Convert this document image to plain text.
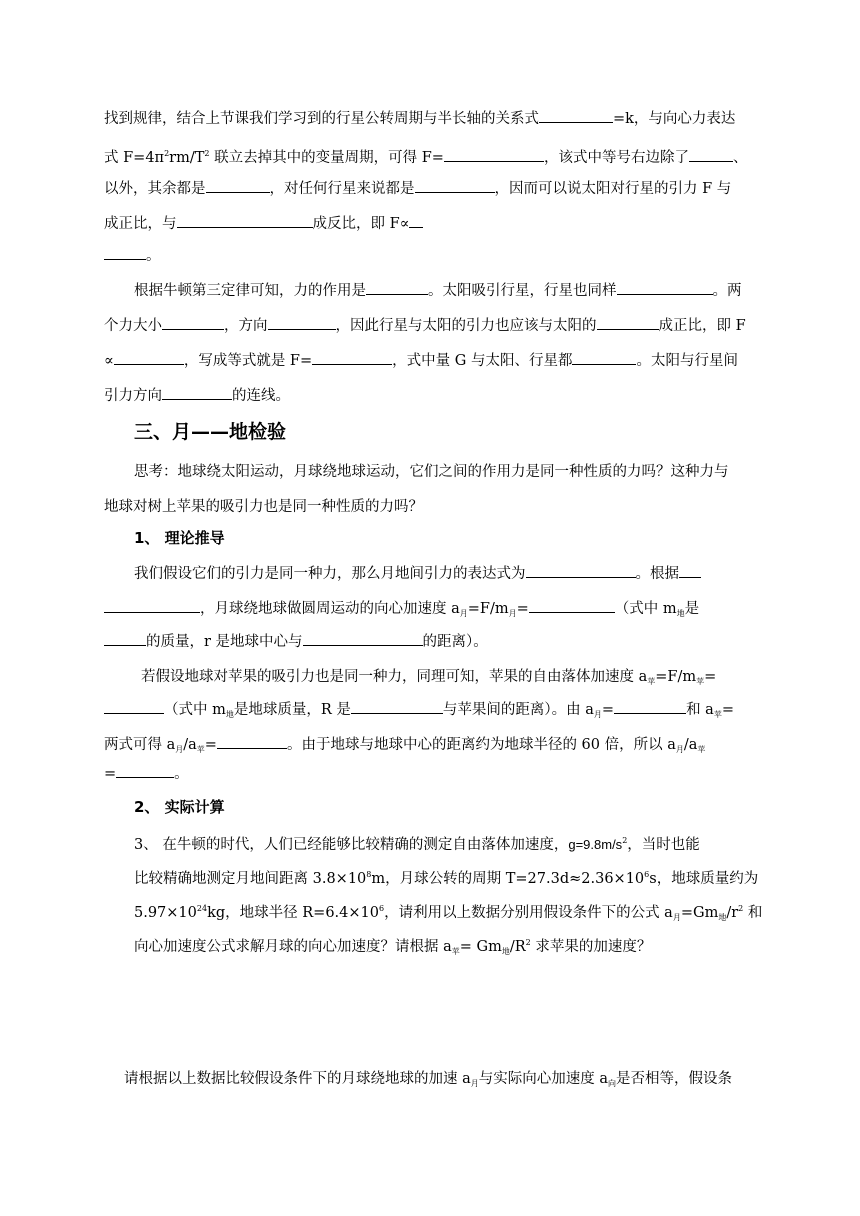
找到规律，结合上节课我们学习到的行星公转周期与半长轴的关系式	=k，与向心力表达
式 $F=4\pi^2rm/T^2$ 联立去掉其中的变量周期，可得 F=	，该式中等号右边除了	、
以外，其余都是	，对任何行星来说都是	，因而可以说太阳对行星的引力 F 与
成正比，与	成反比，即 F∝
。
根据牛顿第三定律可知，力的作用是	。太阳吸引行星，行星也同样	。两
个力大小	，方向	，因此行星与太阳的引力也应该与太阳的	成正比，即 F
∝	，写成等式就是 F=	，式中量 G 与太阳、行星都	。太阳与行星间
引力方向	的连线。
三、月——地检验
思考：地球绕太阳运动，月球绕地球运动，它们之间的作用力是同一种性质的力吗？这种力与
地球对树上苹果的吸引力也是同一种性质的力吗？
1、 理论推导
我们假设它们的引力是同一种力，那么月地间引力的表达式为	。根据
，月球绕地球做圆周运动的向心加速度 $a_月=F/m_月=$	（式中 $m_地$是
的质量，r 是地球中心与	的距离）。
若假设地球对苹果的吸引力也是同一种力，同理可知，苹果的自由落体加速度 $a_苹=F/m_苹=$
（式中 $m_地$是地球质量，R 是	与苹果间的距离）。由 $a_月=$	和 $a_苹=$
两式可得 $a_月/a_苹=$	。由于地球与地球中心的距离约为地球半径的 60 倍，所以 $a_月/a_苹$
=	。
2、 实际计算
3、 在牛顿的时代，人们已经能够比较精确的测定自由落体加速度，$g=9.8m/s^2$，当时也能
比较精确地测定月地间距离 $3.8\times 10^8m$，月球公转的周期 $T=27.3d\approx 2.36\times 10^6s$，地球质量约为
$5.97\times 10^{24}kg$，地球半径 $R=6.4\times 10^6$，请利用以上数据分别用假设条件下的公式 $a_月=Gm_地/r^2$ 和
向心加速度公式求解月球的向心加速度？请根据 $a_苹= Gm_地/R^2$ 求苹果的加速度？
请根据以上数据比较假设条件下的月球绕地球的加速 $a_月$与实际向心加速度 $a_向$是否相等，假设条
